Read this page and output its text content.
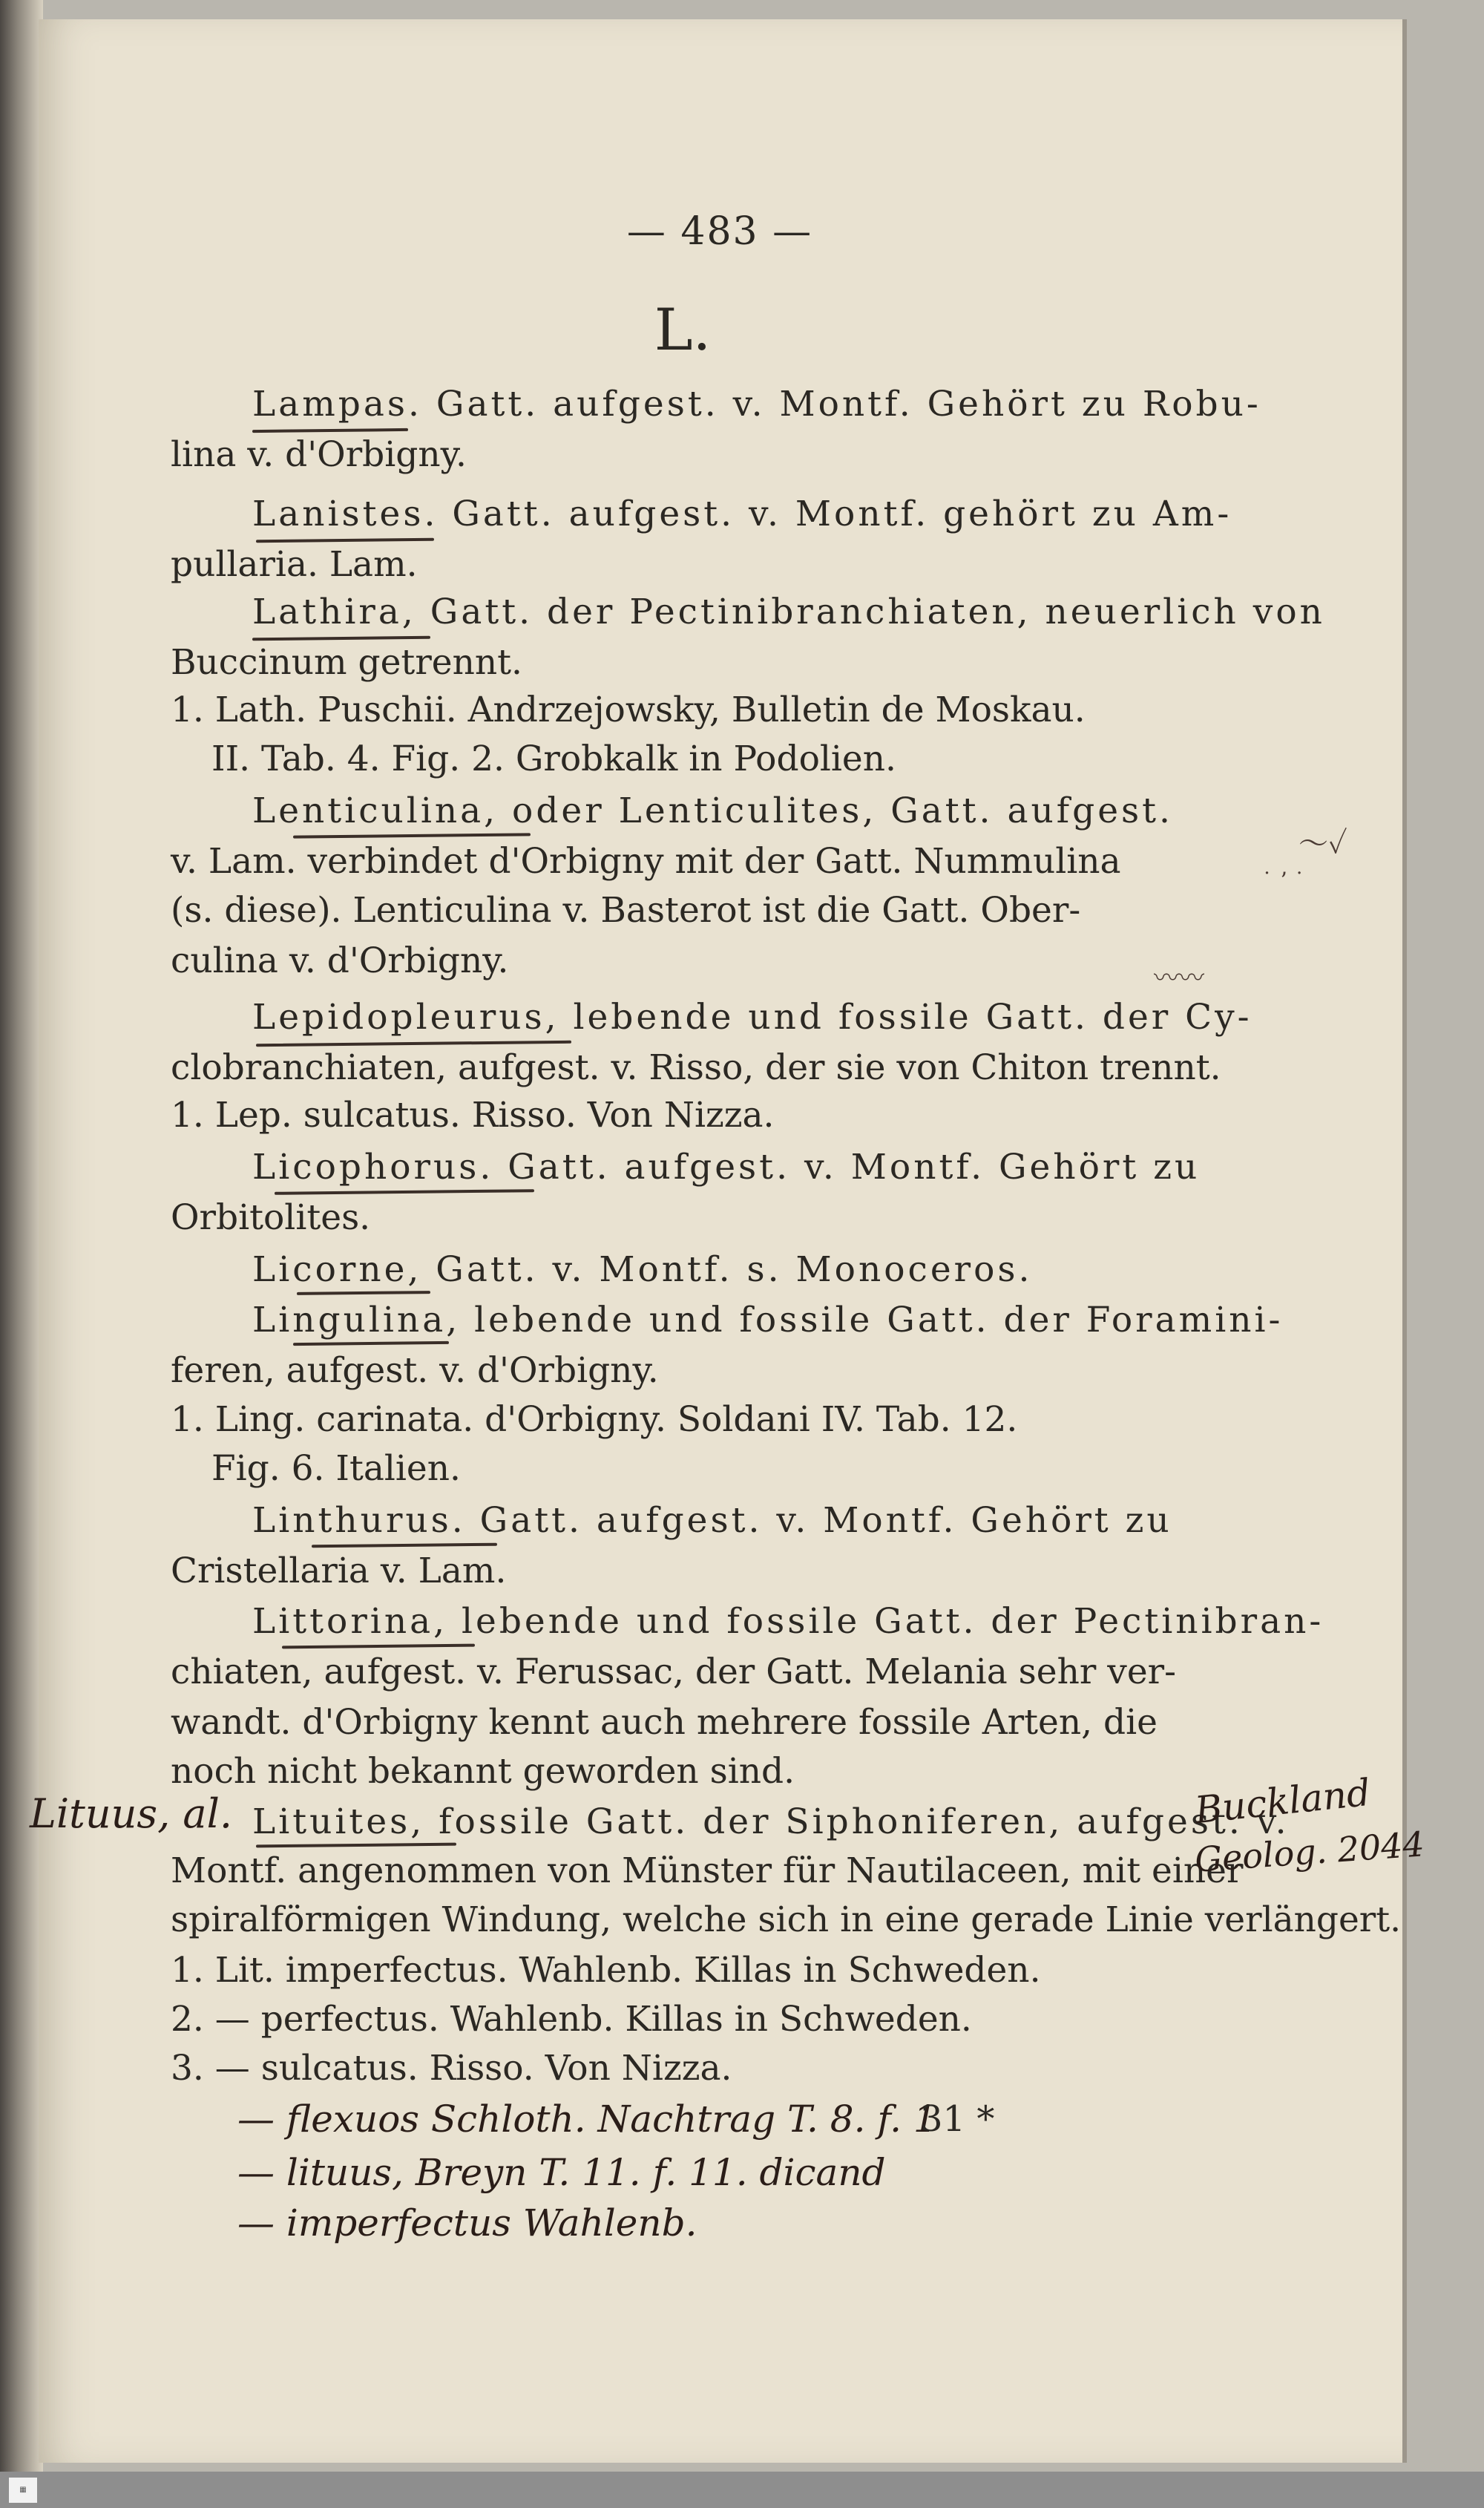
▦
— 483 —
L.
Lampas. Gatt. aufgest. v. Montf. Gehört zu Robu-
lina v. d'Orbigny.
Lanistes. Gatt. aufgest. v. Montf. gehört zu Am-
pullaria. Lam.
Lathira, Gatt. der Pectinibranchiaten, neuerlich von
Buccinum getrennt.
1. Lath. Puschii. Andrzejowsky, Bulletin de Moskau.
II. Tab. 4. Fig. 2. Grobkalk in Podolien.
Lenticulina, oder Lenticulites, Gatt. aufgest.
v. Lam. verbindet d'Orbigny mit der Gatt. Nummulina
(s. diese). Lenticulina v. Basterot ist die Gatt. Ober-
culina v. d'Orbigny.
Lepidopleurus, lebende und fossile Gatt. der Cy-
clobranchiaten, aufgest. v. Risso, der sie von Chiton trennt.
1. Lep. sulcatus. Risso. Von Nizza.
Licophorus. Gatt. aufgest. v. Montf. Gehört zu
Orbitolites.
Licorne, Gatt. v. Montf. s. Monoceros.
Lingulina, lebende und fossile Gatt. der Foramini-
feren, aufgest. v. d'Orbigny.
1. Ling. carinata. d'Orbigny. Soldani IV. Tab. 12.
Fig. 6. Italien.
Linthurus. Gatt. aufgest. v. Montf. Gehört zu
Cristellaria v. Lam.
Littorina, lebende und fossile Gatt. der Pectinibran-
chiaten, aufgest. v. Ferussac, der Gatt. Melania sehr ver-
wandt. d'Orbigny kennt auch mehrere fossile Arten, die
noch nicht bekannt geworden sind.
Lituites, fossile Gatt. der Siphoniferen, aufgest. v.
Montf. angenommen von Münster für Nautilaceen, mit einer
spiralförmigen Windung, welche sich in eine gerade Linie verlängert.
1. Lit. imperfectus. Wahlenb. Killas in Schweden.
2. — perfectus. Wahlenb. Killas in Schweden.
3. — sulcatus. Risso. Von Nizza.
Lituus, al.	Buckland
Geolog. 2044
— flexuos Schloth. Nachtrag T. 8. f. 1
— lituus, Breyn T. 11. f. 11. dicand
— imperfectus Wahlenb.
31 *
～✓
˙ ʼ ˙
〰〰
